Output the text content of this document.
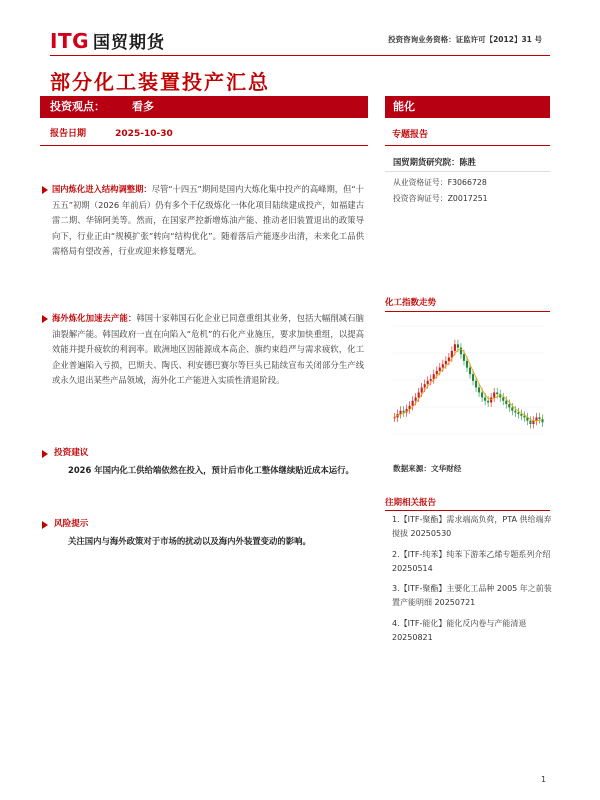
ITG 国贸期货	投资咨询业务资格：证监许可【2012】31 号
部分化工装置投产汇总
投资观点： 看多
报告日期	2025-10-30
国内炼化进入结构调整期：尽管“十四五”期间是国内大炼化集中投产的高峰期，但“十五五”初期（2026 年前后）仍有多个千亿级炼化一体化项目陆续建成投产，如福建古雷二期、华锦阿美等。然而，在国家严控新增炼油产能、推动老旧装置退出的政策导向下，行业正由“规模扩张”转向“结构优化”。随着落后产能逐步出清，未来化工品供需格局有望改善，行业或迎来修复曙光。
海外炼化加速去产能：韩国十家韩国石化企业已同意重组其业务，包括大幅削减石脑油裂解产能。韩国政府一直在向陷入“危机”的石化产业施压，要求加快重组，以提高效能并提升疲软的利润率。欧洲地区因能源成本高企、旗约束趋严与需求疲软，化工企业普遍陷入亏损，巴斯夫、陶氏、利安德巴赛尔等巨头已陆续宣布关闭部分生产线或永久退出某些产品领域，海外化工产能进入实质性清退阶段。
投资建议
2026 年国内化工供给端依然在投入，预计后市化工整体继续贴近成本运行。
风险提示
关注国内与海外政策对于市场的扰动以及海内外装置变动的影响。
能化
专题报告
国贸期货研究院：陈胜
从业资格证号：F3066728
投资咨询证号：Z0017251
化工指数走势
数据来源：文华财经
往期相关报告
1.【ITF-聚酯】需求端高负荷，PTA 供给端弃搅拔 20250530
2.【ITF-纯苯】纯苯下游苯乙烯专题系列介绍 20250514
3.【ITF-聚酯】主要化工品种 2005 年之前装置产能明细 20250721
4.【ITF-能化】能化反内卷与产能清退 20250821
1
